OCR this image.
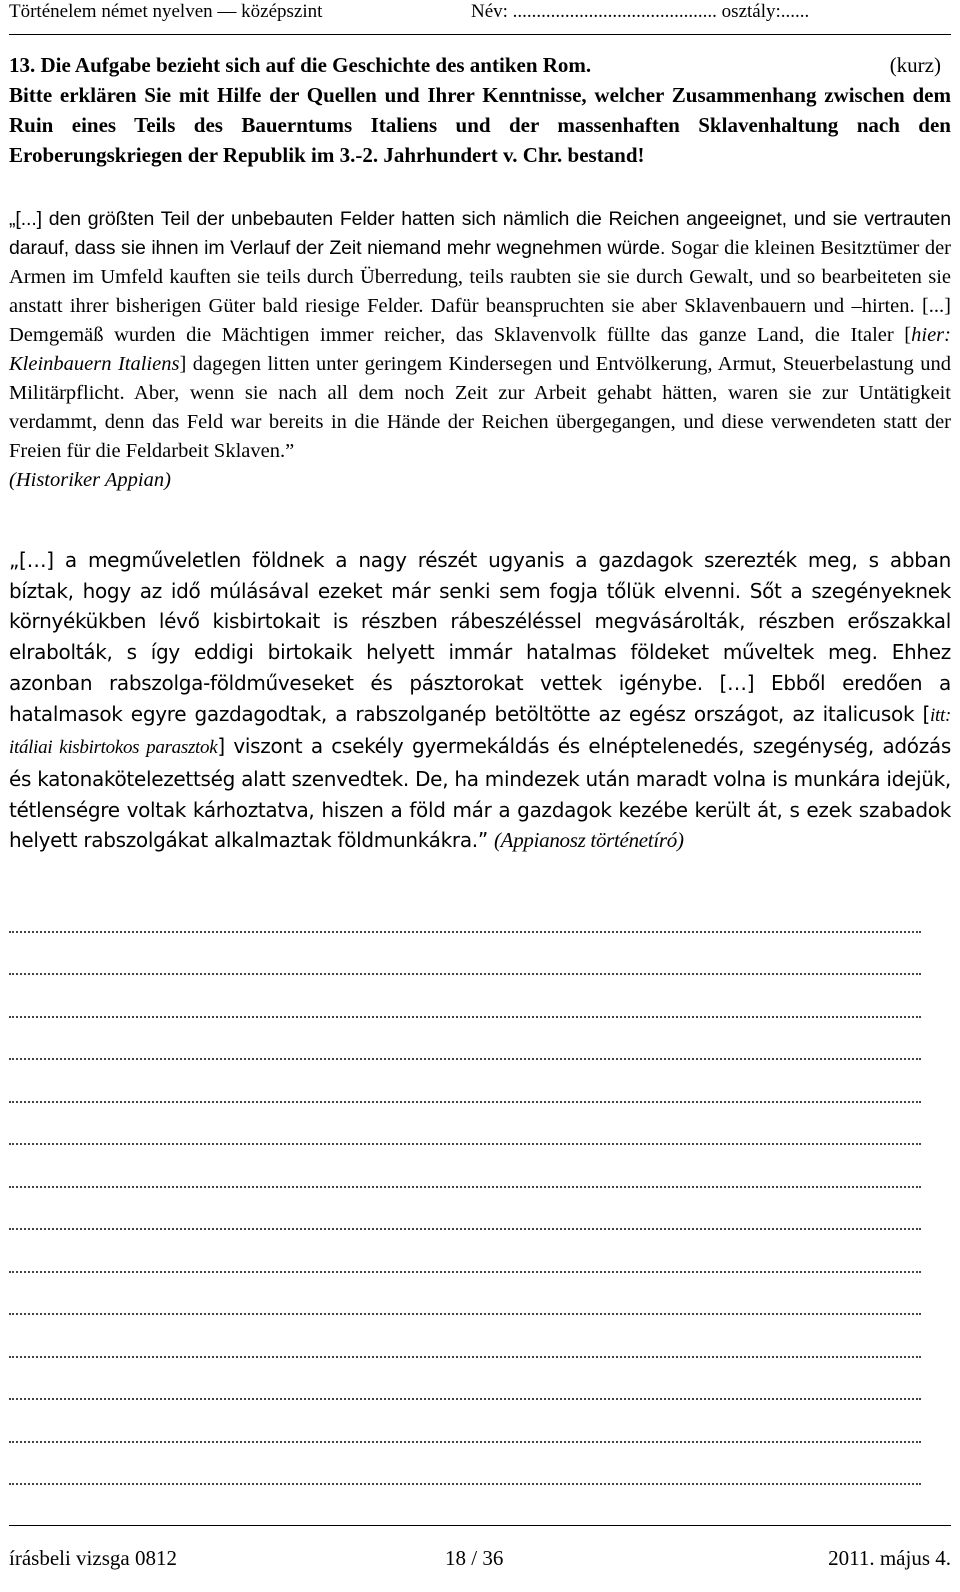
Történelem német nyelven — középszint	Név: ........................................... osztály:......
13. Die Aufgabe bezieht sich auf die Geschichte des antiken Rom.	(kurz)
Bitte erklären Sie mit Hilfe der Quellen und Ihrer Kenntnisse, welcher Zusammenhang zwischen dem Ruin eines Teils des Bauerntums Italiens und der massenhaften Sklavenhaltung nach den Eroberungskriegen der Republik im 3.-2. Jahrhundert v. Chr. bestand!
„[...] den größten Teil der unbebauten Felder hatten sich nämlich die Reichen angeeignet, und sie vertrauten darauf, dass sie ihnen im Verlauf der Zeit niemand mehr wegnehmen würde. Sogar die kleinen Besitztümer der Armen im Umfeld kauften sie teils durch Überredung, teils raubten sie sie durch Gewalt, und so bearbeiteten sie anstatt ihrer bisherigen Güter bald riesige Felder. Dafür beanspruchten sie aber Sklavenbauern und –hirten. [...] Demgemäß wurden die Mächtigen immer reicher, das Sklavenvolk füllte das ganze Land, die Italer [hier: Kleinbauern Italiens] dagegen litten unter geringem Kindersegen und Entvölkerung, Armut, Steuerbelastung und Militärpflicht. Aber, wenn sie nach all dem noch Zeit zur Arbeit gehabt hätten, waren sie zur Untätigkeit verdammt, denn das Feld war bereits in die Hände der Reichen übergegangen, und diese verwendeten statt der Freien für die Feldarbeit Sklaven.”
(Historiker Appian)
„[…] a megműveletlen földnek a nagy részét ugyanis a gazdagok szerezték meg, s abban bíztak, hogy az idő múlásával ezeket már senki sem fogja tőlük elvenni. Sőt a szegényeknek környékükben lévő kisbirtokait is részben rábeszéléssel megvásárolták, részben erőszakkal elrabolták, s így eddigi birtokaik helyett immár hatalmas földeket műveltek meg. Ehhez azonban rabszolga-földműveseket és pásztorokat vettek igénybe. […] Ebből eredően a hatalmasok egyre gazdagodtak, a rabszolganép betöltötte az egész országot, az italicusok [itt: itáliai kisbirtokos parasztok] viszont a csekély gyermekáldás és elnéptelenedés, szegénység, adózás és katonakötelezettség alatt szenvedtek. De, ha mindezek után maradt volna is munkára idejük, tétlenségre voltak kárhoztatva, hiszen a föld már a gazdagok kezébe került át, s ezek szabadok helyett rabszolgákat alkalmaztak földmunkákra.” (Appianosz történetíró)
írásbeli vizsga 0812	18 / 36	2011. május 4.
